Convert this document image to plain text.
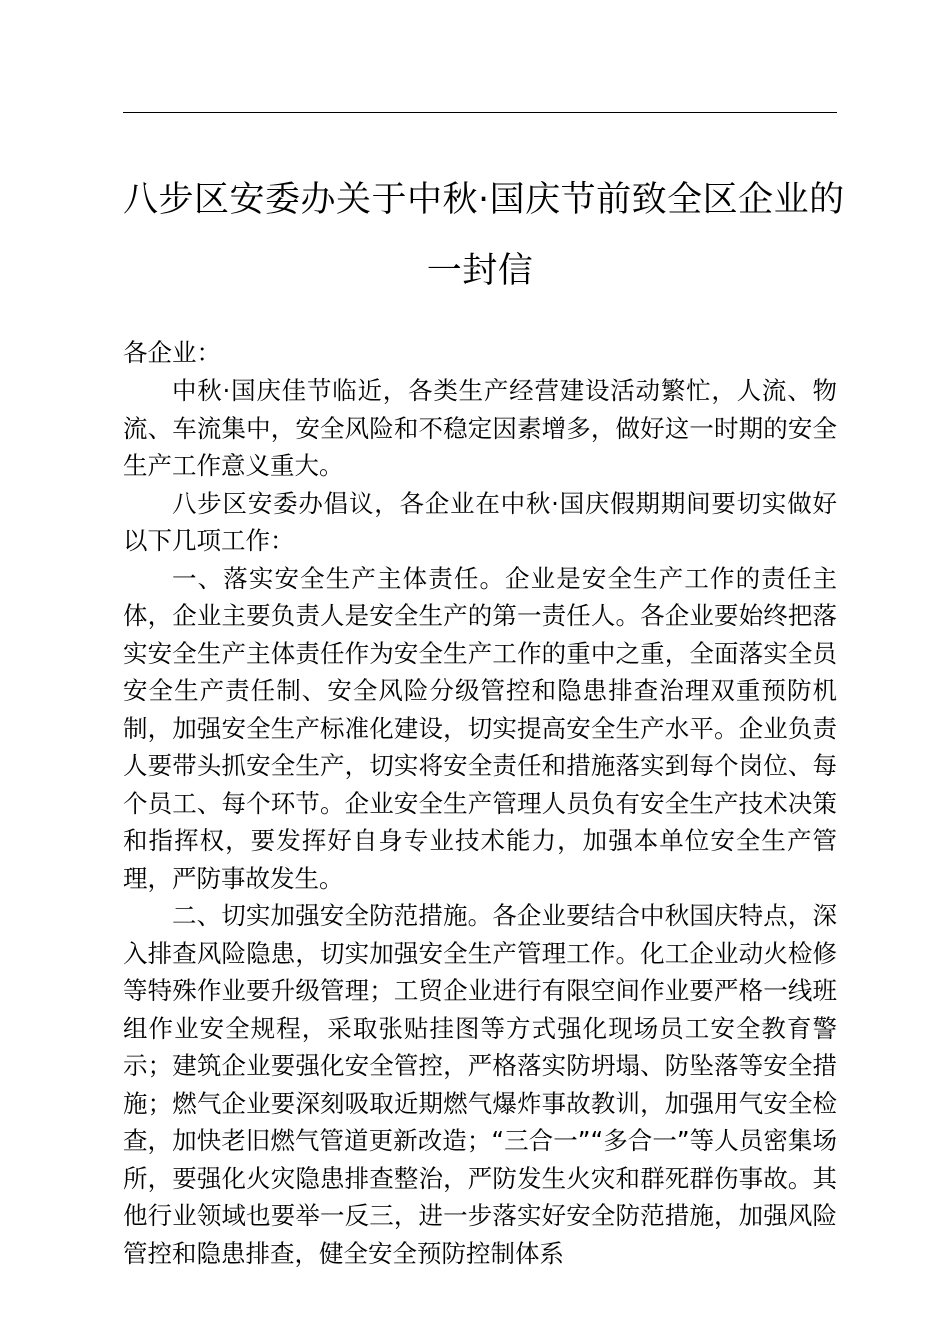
八步区安委办关于中秋·国庆节前致全区企业的
一封信

各企业：

中秋·国庆佳节临近，各类生产经营建设活动繁忙，人流、物流、车流集中，安全风险和不稳定因素增多，做好这一时期的安全生产工作意义重大。

八步区安委办倡议，各企业在中秋·国庆假期期间要切实做好以下几项工作：

一、落实安全生产主体责任。企业是安全生产工作的责任主体，企业主要负责人是安全生产的第一责任人。各企业要始终把落实安全生产主体责任作为安全生产工作的重中之重，全面落实全员安全生产责任制、安全风险分级管控和隐患排查治理双重预防机制，加强安全生产标准化建设，切实提高安全生产水平。企业负责人要带头抓安全生产，切实将安全责任和措施落实到每个岗位、每个员工、每个环节。企业安全生产管理人员负有安全生产技术决策和指挥权，要发挥好自身专业技术能力，加强本单位安全生产管理，严防事故发生。

二、切实加强安全防范措施。各企业要结合中秋国庆特点，深入排查风险隐患，切实加强安全生产管理工作。化工企业动火检修等特殊作业要升级管理；工贸企业进行有限空间作业要严格一线班组作业安全规程，采取张贴挂图等方式强化现场员工安全教育警示；建筑企业要强化安全管控，严格落实防坍塌、防坠落等安全措施；燃气企业要深刻吸取近期燃气爆炸事故教训，加强用气安全检查，加快老旧燃气管道更新改造；“三合一”“多合一”等人员密集场所，要强化火灾隐患排查整治，严防发生火灾和群死群伤事故。其他行业领域也要举一反三，进一步落实好安全防范措施，加强风险管控和隐患排查，健全安全预防控制体系
